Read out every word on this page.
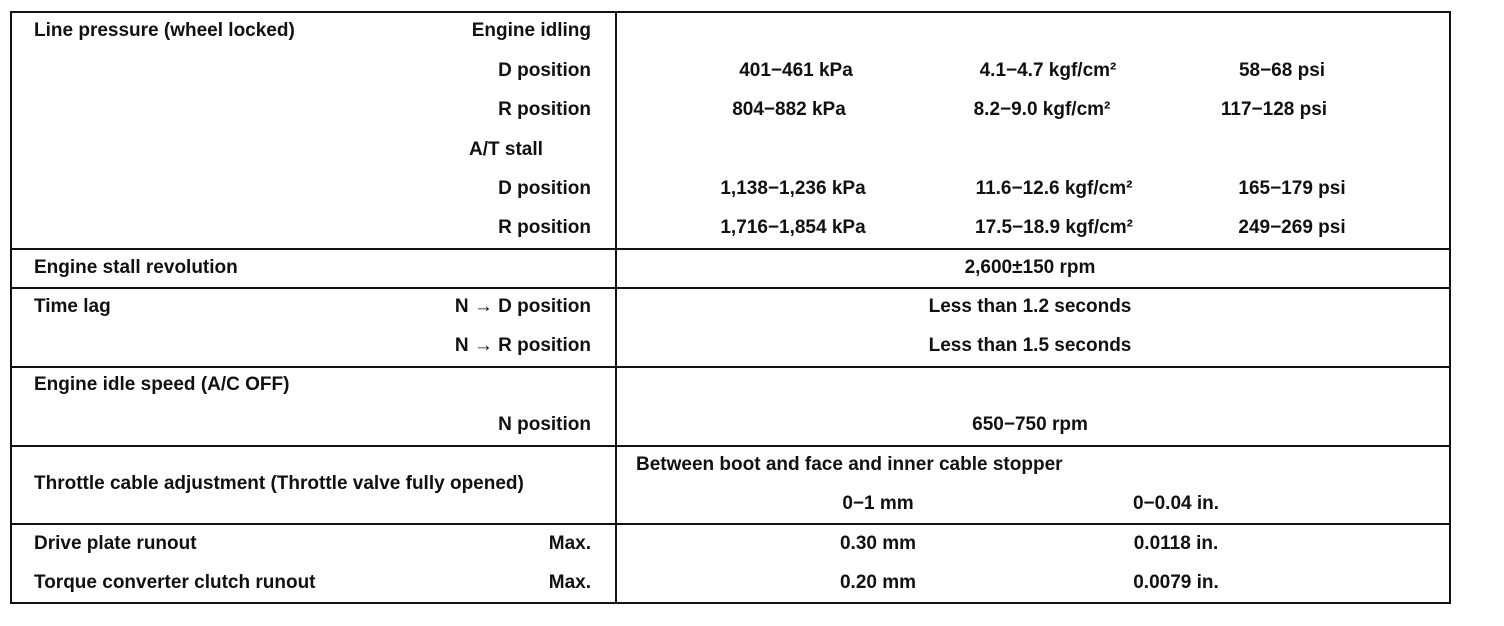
Line pressure (wheel locked)	Engine idling
D position	401−461 kPa	4.1−4.7 kgf/cm²	58−68 psi
R position	804−882 kPa	8.2−9.0 kgf/cm²	117−128 psi
A/T stall
D position	1,138−1,236 kPa	11.6−12.6 kgf/cm²	165−179 psi
R position	1,716−1,854 kPa	17.5−18.9 kgf/cm²	249−269 psi
Engine stall revolution	2,600±150 rpm
Time lag	N → D position	Less than 1.2 seconds
N → R position	Less than 1.5 seconds
Engine idle speed (A/C OFF)
N position	650−750 rpm
Throttle cable adjustment (Throttle valve fully opened)
Between boot and face and inner cable stopper
0−1 mm	0−0.04 in.
Drive plate runout	Max.	0.30 mm	0.0118 in.
Torque converter clutch runout	Max.	0.20 mm	0.0079 in.
